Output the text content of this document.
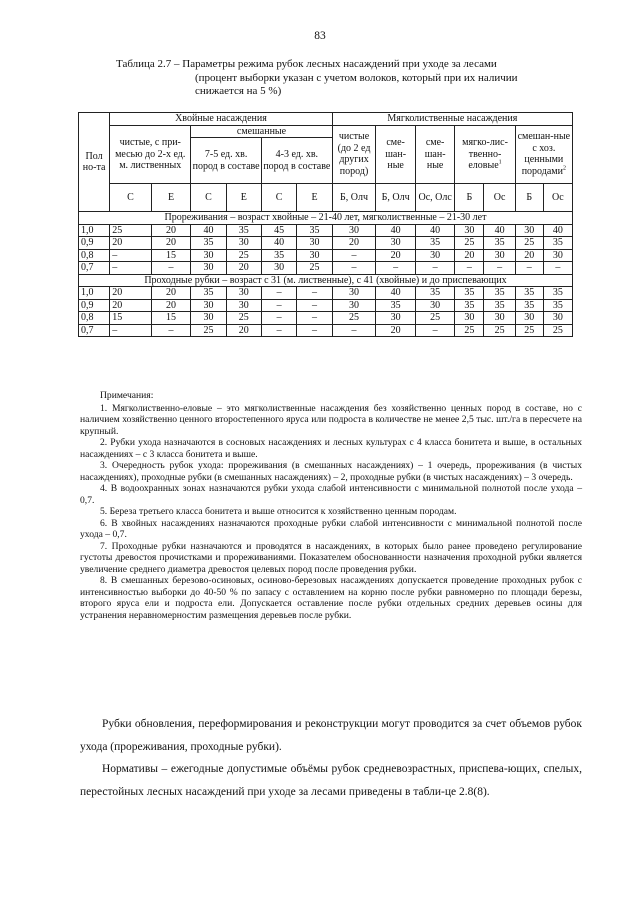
83
Таблица 2.7 – Параметры режима рубок лесных насаждений при уходе за лесами

(процент выборки указан с учетом волоков, который при их наличии
снижается на 5 %)
Пол но-та	Хвойные насаждения						Мягколиственные насаждения						
	чистые, с при-месью до 2-х ед. м. лиственных		смешанные				чистые (до 2 ед других пород)	сме-шан-ные	сме-шан-ные	мягко-лис-твенно-еловые$^1$		смешан-ные с хоз. ценными породами$^2$
			7-5 ед. хв. пород в составе		4-3 ед. хв. пород в составе								
	С	Е	С	Е	С	Е	Б, Олч	Б, Олч	Ос, Олс	Б	Ос	Б	Ос
Прореживания – возраст хвойные – 21-40 лет, мягколиственные – 21-30 лет													
1,0	25	20	40	35	45	35	30	40	40	30	40	30	40
0,9	20	20	35	30	40	30	20	30	35	25	35	25	35
0,8	–	15	30	25	35	30	–	20	30	20	30	20	30
0,7	–	–	30	20	30	25	–	–	–	–	–	–	–
Проходные рубки – возраст с 31 (м. лиственные), с 41 (хвойные) и до приспевающих													
1,0	20	20	35	30	–	–	30	40	35	35	35	35	35
0,9	20	20	30	30	–	–	30	35	30	35	35	35	35
0,8	15	15	30	25	–	–	25	30	25	30	30	30	30
0,7	–	–	25	20	–	–	–	20	–	25	25	25	25

Примечания:

1. Мягколиственно-еловые – это мягколиственные насаждения без хозяйственно ценных пород в составе, но с наличием хозяйственно ценного второстепенного яруса или подроста в количестве не менее 2,5 тыс. шт./га в пересчете на крупный.

2. Рубки ухода назначаются в сосновых насаждениях и лесных культурах с 4 класса бонитета и выше, в остальных насаждениях – с 3 класса бонитета и выше.

3. Очередность рубок ухода: прореживания (в смешанных насаждениях) – 1 очередь, прореживания (в чистых насаждениях), проходные рубки (в смешанных насаждениях) – 2, проходные рубки (в чистых насаждениях) – 3 очередь.

4. В водоохранных зонах назначаются рубки ухода слабой интенсивности с минимальной полнотой после ухода – 0,7.

5. Береза третьего класса бонитета и выше относится к хозяйственно ценным породам.

6. В хвойных насаждениях назначаются проходные рубки слабой интенсивности с минимальной полнотой после ухода – 0,7.

7. Проходные рубки назначаются и проводятся в насаждениях, в которых было ранее проведено регулирование густоты древостоя прочистками и прореживаниями. Показателем обоснованности назначения проходной рубки является увеличение среднего диаметра древостоя целевых пород после проведения рубки.

8. В смешанных березово-осиновых, осиново-березовых насаждениях допускается проведение проходных рубок с интенсивностью выборки до 40-50 % по запасу с оставлением на корню после рубки равномерно по площади березы, второго яруса ели и подроста ели. Допускается оставление после рубки отдельных средних деревьев осины для устранения неравномерностим размещения деревьев после рубки.

Рубки обновления, переформирования и реконструкции могут проводится за счет объемов рубок ухода (прореживания, проходные рубки).

Нормативы – ежегодные допустимые объёмы рубок средневозрастных, приспева-ющих, спелых, перестойных лесных насаждений при уходе за лесами приведены в табли-це 2.8(8).
